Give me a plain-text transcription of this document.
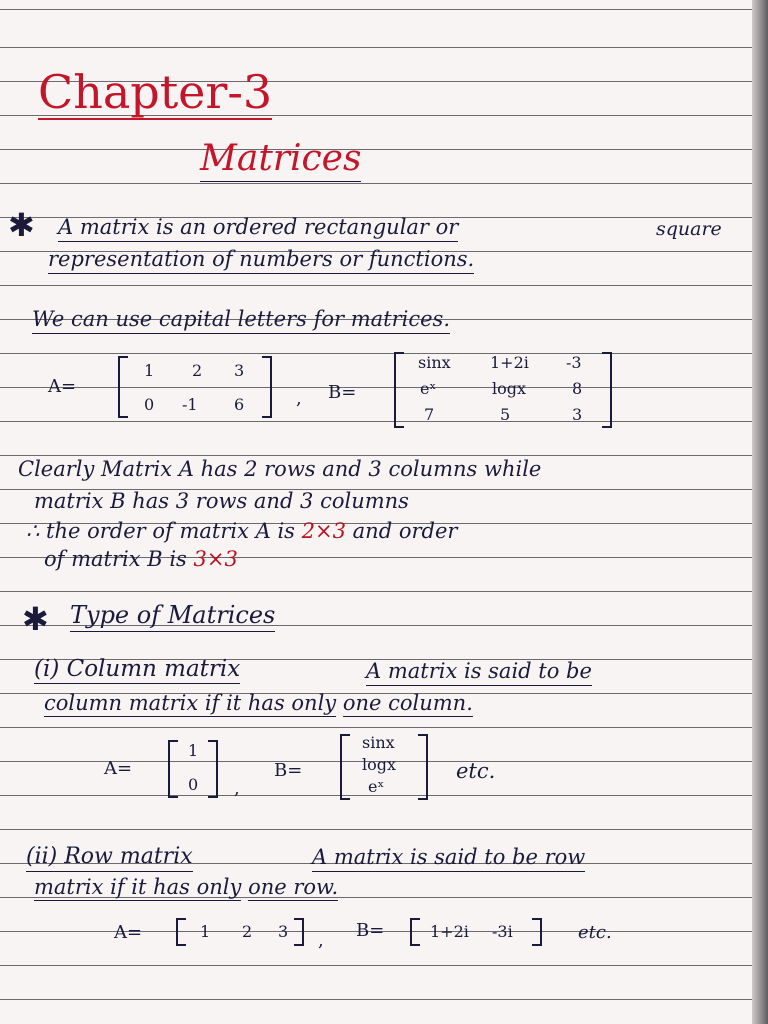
Chapter-3
Matrices
✱ A matrix is an ordered rectangular or	square
representation of numbers or functions.
We can use capital letters for matrices.
A=
1 2 3
0 -1 6	, B=
sinx 1+2i -3
eˣ	logx	8
7	5	3
Clearly Matrix A has 2 rows and 3 columns while
matrix B has 3 rows and 3 columns
∴ the order of matrix A is 2×3 and order
of matrix B is 3×3
✱ Type of Matrices
(i) Column matrix	A matrix is said to be
column matrix if it has only one column.
A=
1
0 ,
B=
sinx
logx
eˣ
etc.
(ii) Row matrix	A matrix is said to be row
matrix if it has only one row.
A=	1 2 3 , B=	1+2i -3i	etc.
